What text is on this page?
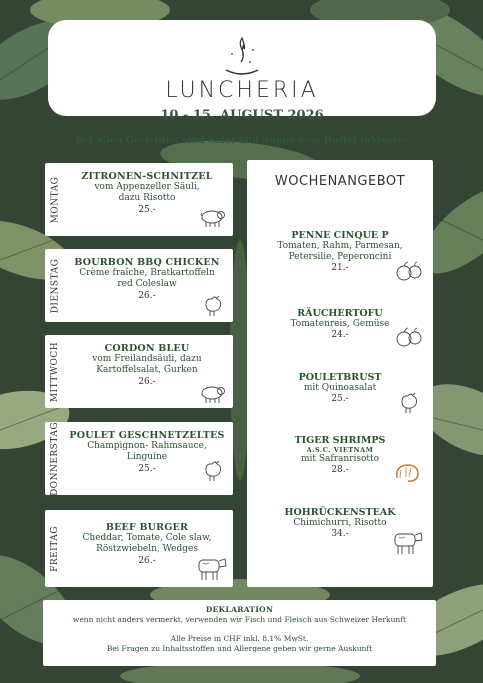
LUNCHERIA
10.- 15. AUGUST 2026
Bei allen Gerichten sind Salat und Suppe vom Buffet inklusive
MONTAG	ZITRONEN-SCHNITZEL
vom Appenzeller Säuli,
dazu Risotto
25.-
DIENSTAG	BOURBON BBQ CHICKEN
Crème fraîche, Bratkartoffeln
red Coleslaw
26.-
MITTWOCH	CORDON BLEU
vom Freilandsäuli, dazu
Kartoffelsalat, Gurken
26.-
DONNERSTAG POULET GESCHNETZELTES
Champignon- Rahmsauce,
Linguine
25.-
FREITAG	BEEF BURGER
Cheddar, Tomate, Cole slaw,
Röstzwiebeln, Wedges
26.-
WOCHENANGEBOT
PENNE CINQUE P
Tomaten, Rahm, Parmesan,
Petersilie, Peperoncini
21.-
RÄUCHERTOFU
Tomatenreis, Gemüse
24.-
POULETBRUST
mit Quinoasalat
25.-
TIGER SHRIMPS
A.S.C. VIETNAM
mit Safranrisotto
28.-
HOHRÜCKENSTEAK
Chimichurri, Risotto
34.-
DEKLARATION
wenn nicht anders vermerkt, verwenden wir Fisch und Fleisch aus Schweizer Herkunft
Alle Preise in CHF inkl. 8.1% MwSt.
Bei Fragen zu Inhaltsstoffen und Allergene geben wir gerne Auskunft
